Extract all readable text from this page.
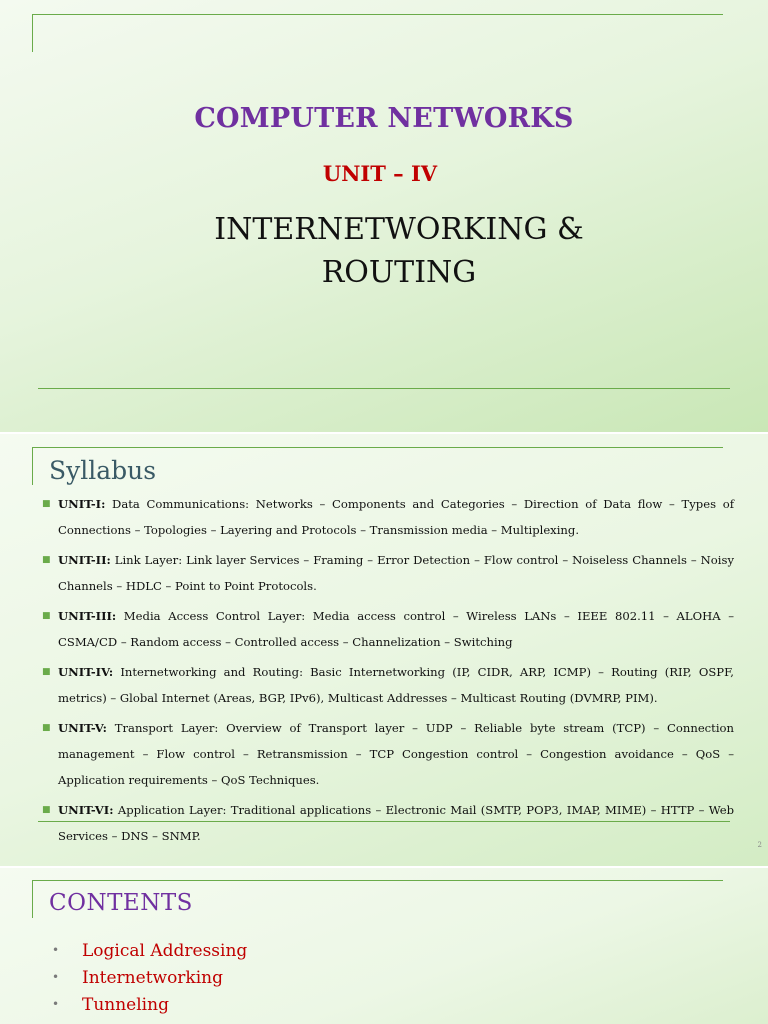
COMPUTER NETWORKS
UNIT – IV
INTERNETWORKING &
ROUTING
Syllabus
■ UNIT-I: Data Communications: Networks – Components and Categories – Direction of Data flow – Types of Connections – Topologies – Layering and Protocols – Transmission media – Multiplexing.
■ UNIT-II: Link Layer: Link layer Services – Framing – Error Detection – Flow control – Noiseless Channels – Noisy Channels – HDLC – Point to Point Protocols.
■ UNIT-III: Media Access Control Layer: Media access control – Wireless LANs – IEEE 802.11 – ALOHA – CSMA/CD – Random access – Controlled access – Channelization – Switching
■ UNIT-IV: Internetworking and Routing: Basic Internetworking (IP, CIDR, ARP, ICMP) – Routing (RIP, OSPF, metrics) – Global Internet (Areas, BGP, IPv6), Multicast Addresses – Multicast Routing (DVMRP, PIM).
■ UNIT-V: Transport Layer: Overview of Transport layer – UDP – Reliable byte stream (TCP) – Connection management – Flow control – Retransmission – TCP Congestion control – Congestion avoidance – QoS – Application requirements – QoS Techniques.
■ UNIT-VI: Application Layer: Traditional applications – Electronic Mail (SMTP, POP3, IMAP, MIME) – HTTP – Web Services – DNS – SNMP.
2
CONTENTS
• Logical Addressing
• Internetworking
• Tunneling
